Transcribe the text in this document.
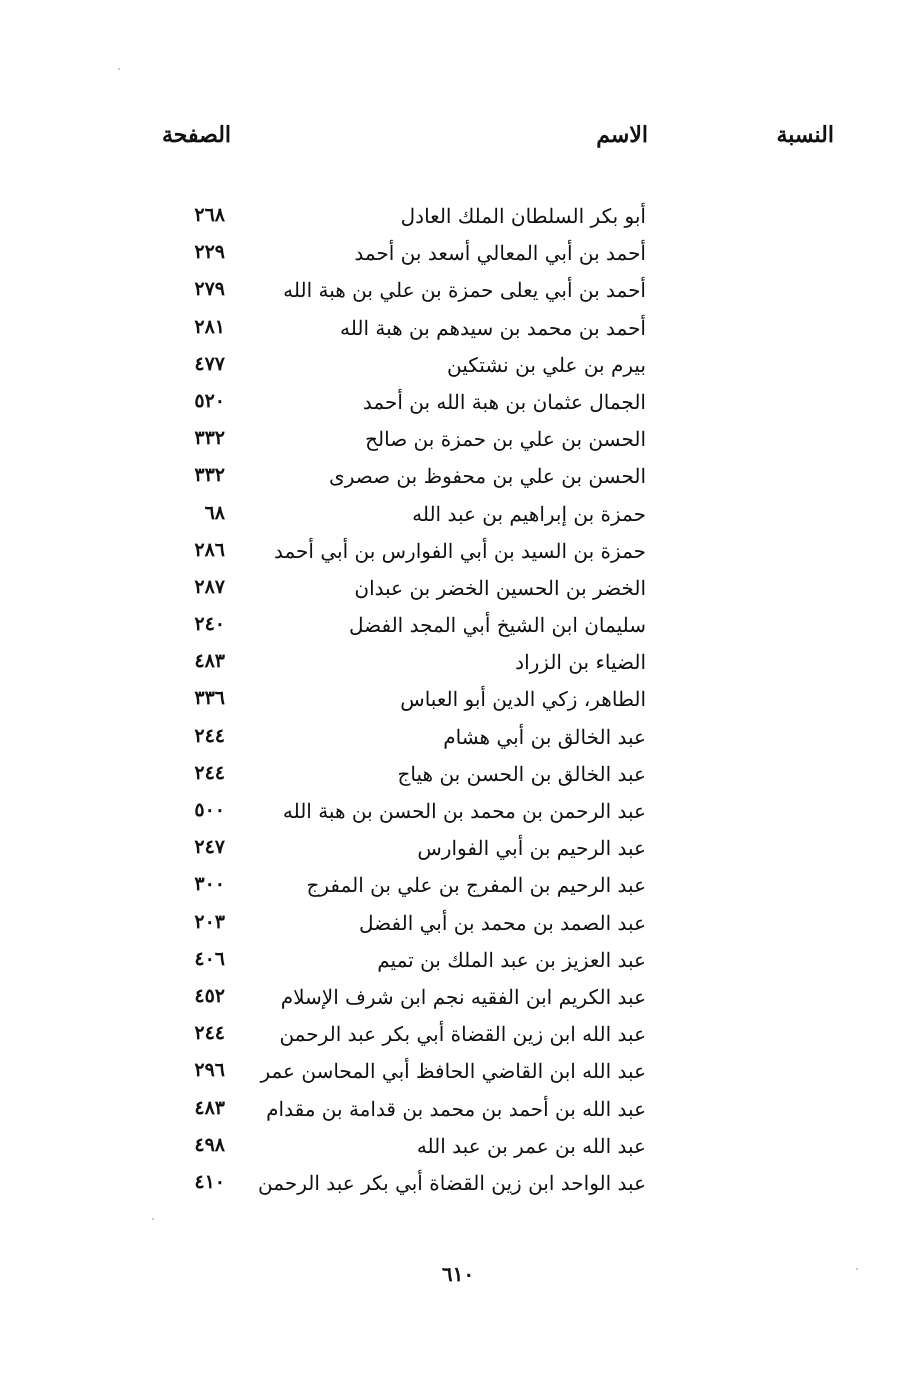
النسبة
الاسم
الصفحة
أبو بكر السلطان الملك العادل
٢٦٨
أحمد بن أبي المعالي أسعد بن أحمد
٢٢٩
أحمد بن أبي يعلى حمزة بن علي بن هبة الله
٢٧٩
أحمد بن محمد بن سيدهم بن هبة الله
٢٨١
بيرم بن علي بن نشتكين
٤٧٧
الجمال عثمان بن هبة الله بن أحمد
٥٢٠
الحسن بن علي بن حمزة بن صالح
٣٣٢
الحسن بن علي بن محفوظ بن صصرى
٣٣٢
حمزة بن إبراهيم بن عبد الله
٦٨
حمزة بن السيد بن أبي الفوارس بن أبي أحمد
٢٨٦
الخضر بن الحسين الخضر بن عبدان
٢٨٧
سليمان ابن الشيخ أبي المجد الفضل
٢٤٠
الضياء بن الزراد
٤٨٣
الطاهر، زكي الدين أبو العباس
٣٣٦
عبد الخالق بن أبي هشام
٢٤٤
عبد الخالق بن الحسن بن هياج
٢٤٤
عبد الرحمن بن محمد بن الحسن بن هبة الله
٥٠٠
عبد الرحيم بن أبي الفوارس
٢٤٧
عبد الرحيم بن المفرج بن علي بن المفرج
٣٠٠
عبد الصمد بن محمد بن أبي الفضل
٢٠٣
عبد العزيز بن عبد الملك بن تميم
٤٠٦
عبد الكريم ابن الفقيه نجم ابن شرف الإسلام
٤٥٢
عبد الله ابن زين القضاة أبي بكر عبد الرحمن
٢٤٤
عبد الله ابن القاضي الحافظ أبي المحاسن عمر
٢٩٦
عبد الله بن أحمد بن محمد بن قدامة بن مقدام
٤٨٣
عبد الله بن عمر بن عبد الله
٤٩٨
عبد الواحد ابن زين القضاة أبي بكر عبد الرحمن
٤١٠
٦١٠
